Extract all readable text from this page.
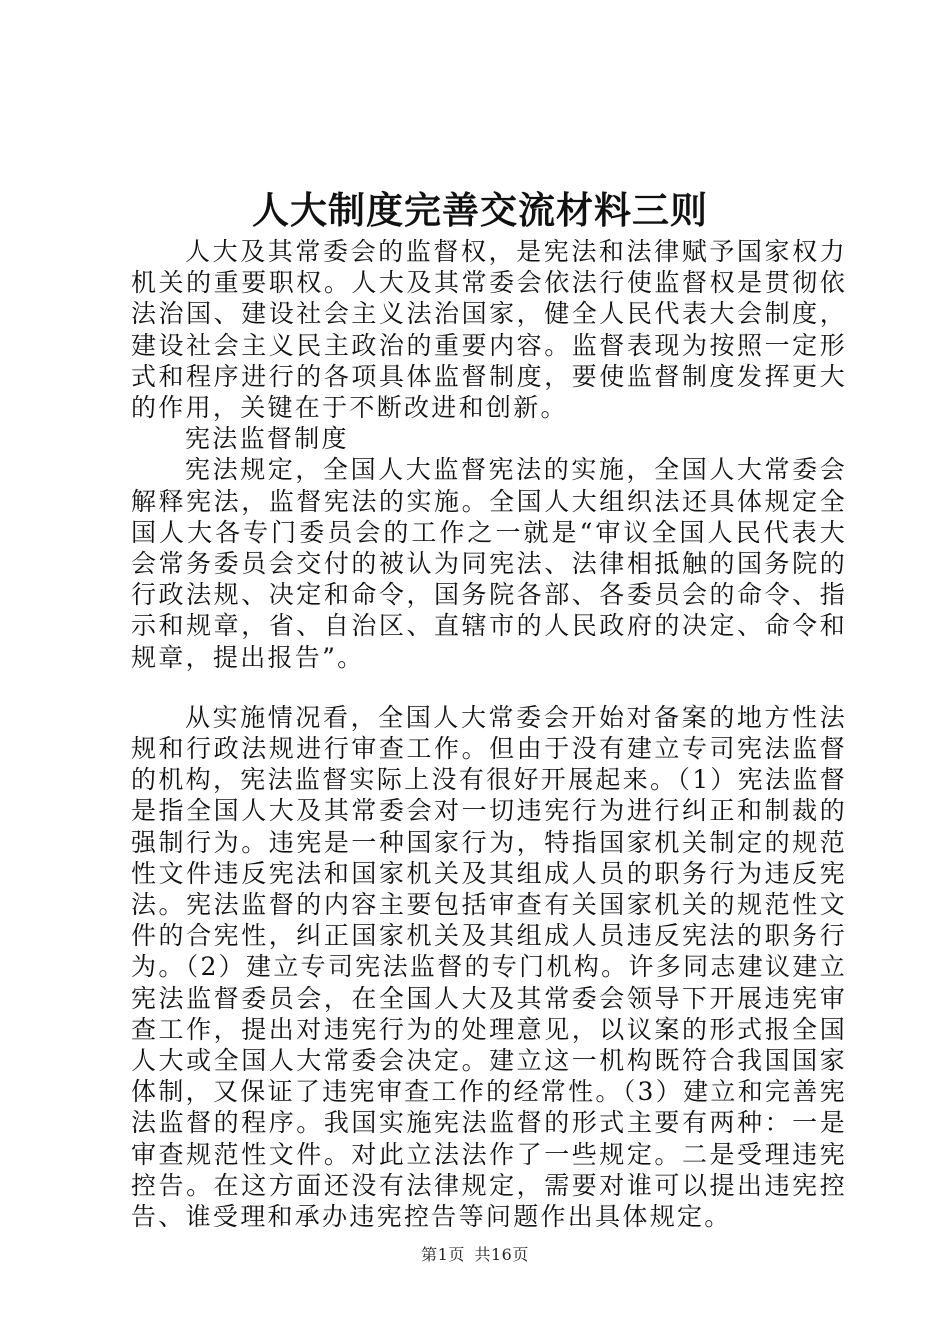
人大制度完善交流材料三则

人大及其常委会的监督权，是宪法和法律赋予国家权力机关的重要职权。人大及其常委会依法行使监督权是贯彻依法治国、建设社会主义法治国家，健全人民代表大会制度，建设社会主义民主政治的重要内容。监督表现为按照一定形式和程序进行的各项具体监督制度，要使监督制度发挥更大的作用，关键在于不断改进和创新。

宪法监督制度

宪法规定，全国人大监督宪法的实施，全国人大常委会解释宪法，监督宪法的实施。全国人大组织法还具体规定全国人大各专门委员会的工作之一就是“审议全国人民代表大会常务委员会交付的被认为同宪法、法律相抵触的国务院的行政法规、决定和命令，国务院各部、各委员会的命令、指示和规章，省、自治区、直辖市的人民政府的决定、命令和规章，提出报告”。

从实施情况看，全国人大常委会开始对备案的地方性法规和行政法规进行审查工作。但由于没有建立专司宪法监督的机构，宪法监督实际上没有很好开展起来。（1）宪法监督是指全国人大及其常委会对一切违宪行为进行纠正和制裁的强制行为。违宪是一种国家行为，特指国家机关制定的规范性文件违反宪法和国家机关及其组成人员的职务行为违反宪法。宪法监督的内容主要包括审查有关国家机关的规范性文件的合宪性，纠正国家机关及其组成人员违反宪法的职务行为。（2）建立专司宪法监督的专门机构。许多同志建议建立宪法监督委员会，在全国人大及其常委会领导下开展违宪审查工作，提出对违宪行为的处理意见，以议案的形式报全国人大或全国人大常委会决定。建立这一机构既符合我国国家体制，又保证了违宪审查工作的经常性。（3）建立和完善宪法监督的程序。我国实施宪法监督的形式主要有两种：一是审查规范性文件。对此立法法作了一些规定。二是受理违宪控告。在这方面还没有法律规定，需要对谁可以提出违宪控告、谁受理和承办违宪控告等问题作出具体规定。

第1页 共16页
